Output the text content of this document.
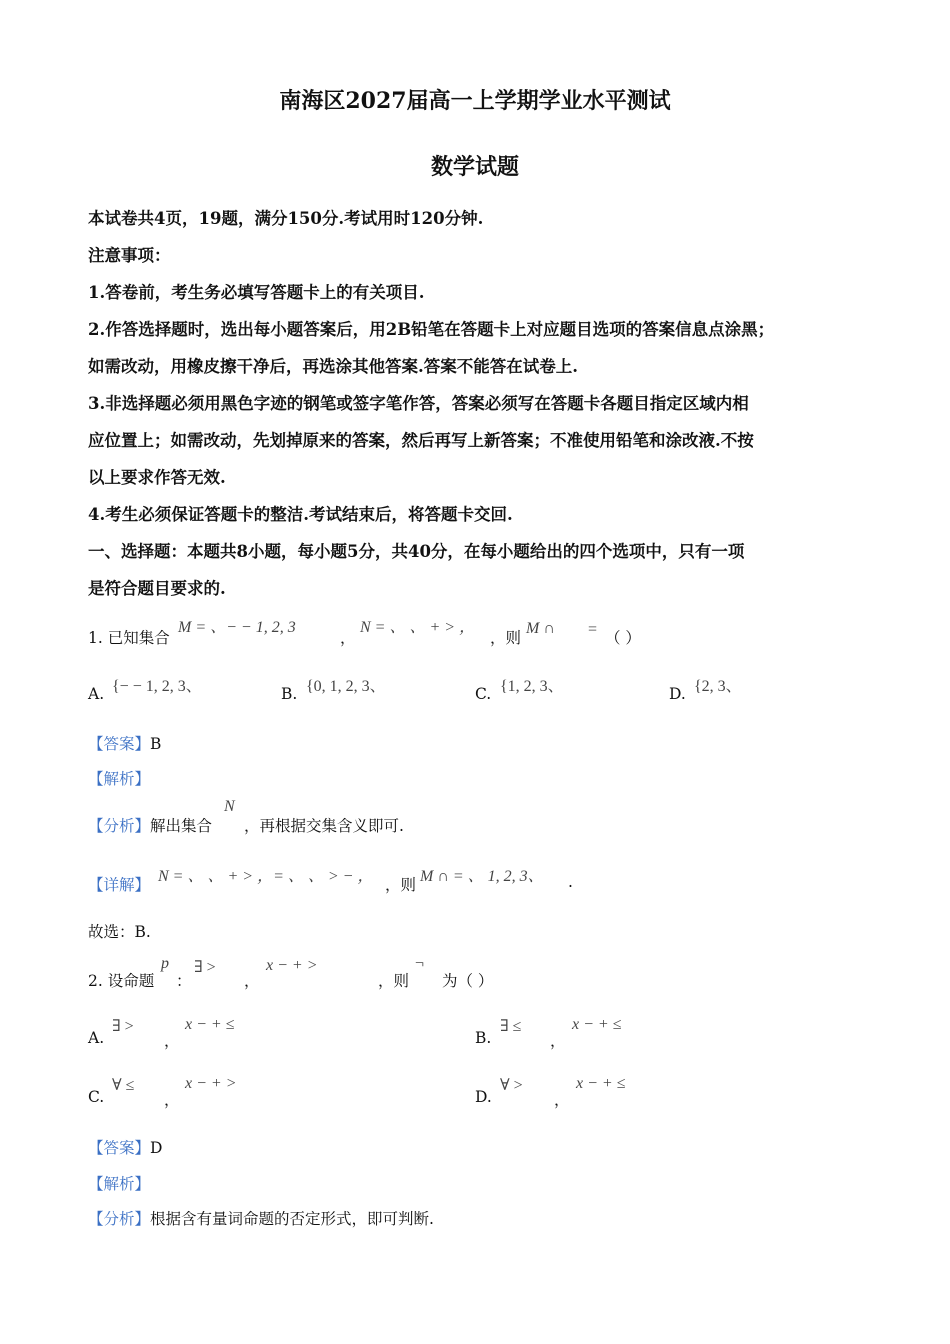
南海区2027届高一上学期学业水平测试
数学试题
本试卷共4页，19题，满分150分.考试用时120分钟.
注意事项：
1.答卷前，考生务必填写答题卡上的有关项目.
2.作答选择题时，选出每小题答案后，用2B铅笔在答题卡上对应题目选项的答案信息点涂黑；
如需改动，用橡皮擦干净后，再选涂其他答案.答案不能答在试卷上.
3.非选择题必须用黑色字迹的钢笔或签字笔作答，答案必须写在答题卡各题目指定区域内相
应位置上；如需改动，先划掉原来的答案，然后再写上新答案；不准使用铅笔和涂改液.不按
以上要求作答无效.
4.考生必须保证答题卡的整洁.考试结束后，将答题卡交回.
一、选择题：本题共8小题，每小题5分，共40分，在每小题给出的四个选项中，只有一项
是符合题目要求的.
1. 已知集合
M = 、− − 1, 2, 3
，
N = 、 、 + > ，
，则
M ∩ = （ ）
A. {− − 1, 2, 3、	B. {0, 1, 2, 3、	C. {1, 2, 3、	D. {2, 3、
【答案】B
【解析】
【分析】解出集合
N
，再根据交集含义即可.
【详解】 N = 、 、 + > ，= 、 、 > − ， ，则 M ∩ = 、 1, 2, 3、 .
故选：B.
2. 设命题
p
：
∃ >
，
x − + >
，则
¬
为（ ）
A.
∃ >
，
x − + ≤
B.
∃ ≤
，
x − + ≤
C.
∀ ≤
，
x − + >
D.
∀ >
，
x − + ≤
【答案】D
【解析】
【分析】根据含有量词命题的否定形式，即可判断.
